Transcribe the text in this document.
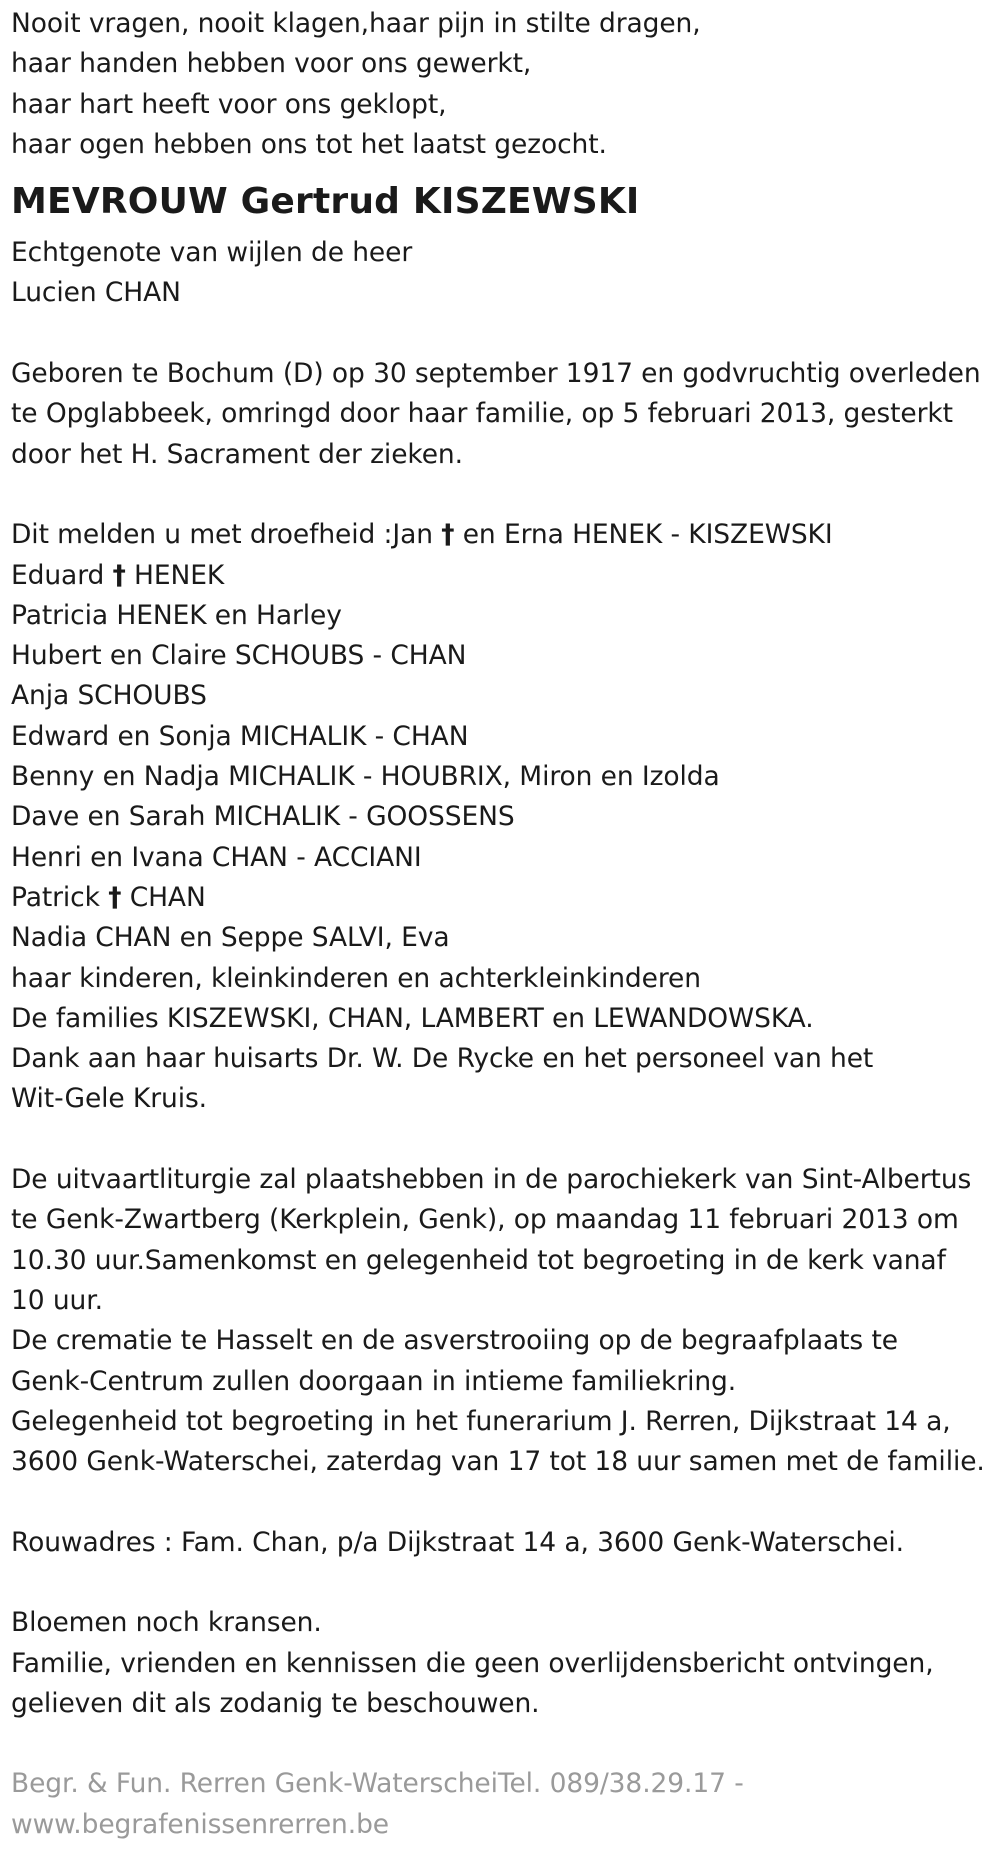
Nooit vragen, nooit klagen,haar pijn in stilte dragen,
haar handen hebben voor ons gewerkt,
haar hart heeft voor ons geklopt,
haar ogen hebben ons tot het laatst gezocht.
MEVROUW Gertrud KISZEWSKI
Echtgenote van wijlen de heer
Lucien CHAN
Geboren te Bochum (D) op 30 september 1917 en godvruchtig overleden
te Opglabbeek, omringd door haar familie, op 5 februari 2013, gesterkt
door het H. Sacrament der zieken.
Dit melden u met droefheid :Jan † en Erna HENEK - KISZEWSKI
Eduard † HENEK
Patricia HENEK en Harley
Hubert en Claire SCHOUBS - CHAN
Anja SCHOUBS
Edward en Sonja MICHALIK - CHAN
Benny en Nadja MICHALIK - HOUBRIX, Miron en Izolda
Dave en Sarah MICHALIK - GOOSSENS
Henri en Ivana CHAN - ACCIANI
Patrick † CHAN
Nadia CHAN en Seppe SALVI, Eva
haar kinderen, kleinkinderen en achterkleinkinderen
De families KISZEWSKI, CHAN, LAMBERT en LEWANDOWSKA.
Dank aan haar huisarts Dr. W. De Rycke en het personeel van het
Wit-Gele Kruis.
De uitvaartliturgie zal plaatshebben in de parochiekerk van Sint-Albertus
te Genk-Zwartberg (Kerkplein, Genk), op maandag 11 februari 2013 om
10.30 uur.Samenkomst en gelegenheid tot begroeting in de kerk vanaf
10 uur.
De crematie te Hasselt en de asverstrooiing op de begraafplaats te
Genk-Centrum zullen doorgaan in intieme familiekring.
Gelegenheid tot begroeting in het funerarium J. Rerren, Dijkstraat 14 a,
3600 Genk-Waterschei, zaterdag van 17 tot 18 uur samen met de familie.
Rouwadres : Fam. Chan, p/a Dijkstraat 14 a, 3600 Genk-Waterschei.
Bloemen noch kransen.
Familie, vrienden en kennissen die geen overlijdensbericht ontvingen,
gelieven dit als zodanig te beschouwen.
Begr. & Fun. Rerren Genk-WaterscheiTel. 089/38.29.17 -
www.begrafenissenrerren.be
